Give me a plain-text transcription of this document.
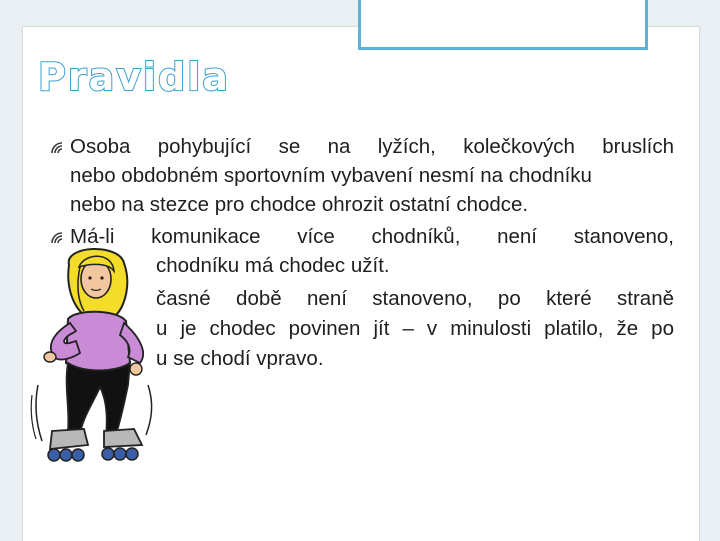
Pravidla
Osoba pohybující se na lyžích, kolečkových bruslích
nebo obdobném sportovním vybavení nesmí na chodníku
nebo na stezce pro chodce ohrozit ostatní chodce.
Má-li komunikace více chodníků, není stanoveno,
chodníku má chodec užít.
časné době není stanoveno, po které straně
u je chodec povinen jít – v minulosti platilo, že po
u se chodí vpravo.
